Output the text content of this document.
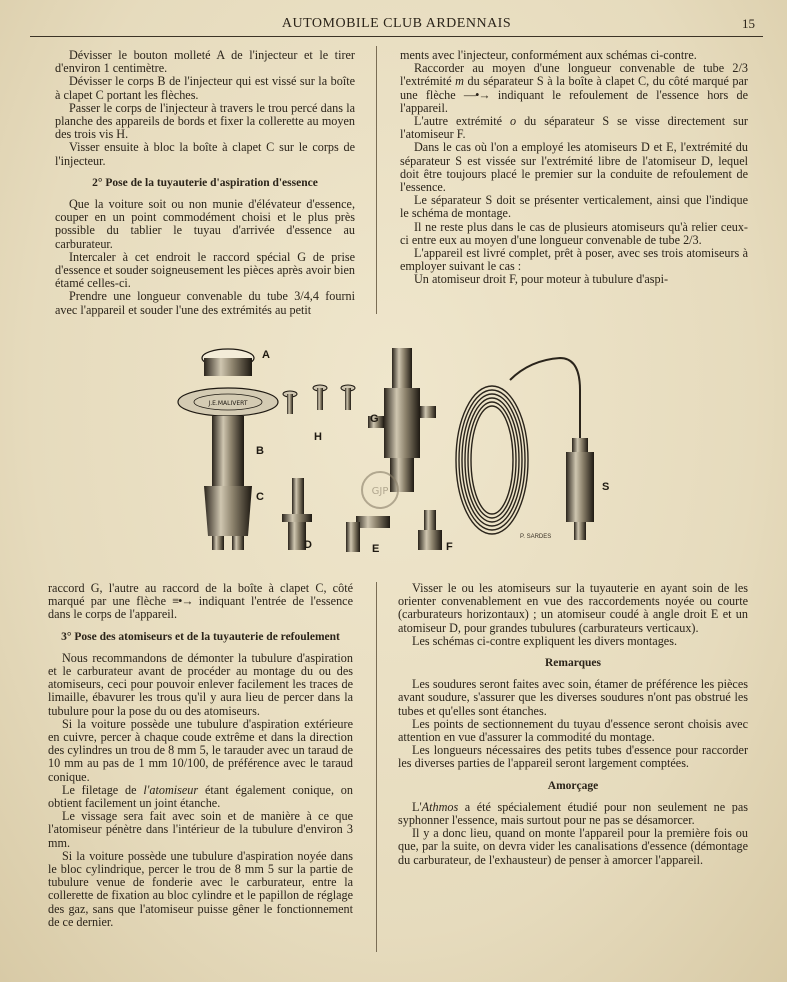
AUTOMOBILE CLUB ARDENNAIS	15

Dévisser le bouton molleté A de l'injecteur et le tirer d'environ 1 centimètre.

Dévisser le corps B de l'injecteur qui est vissé sur la boîte à clapet C portant les flèches.

Passer le corps de l'injecteur à travers le trou percé dans la planche des appareils de bords et fixer la collerette au moyen des trois vis H.

Visser ensuite à bloc la boîte à clapet C sur le corps de l'injecteur.

2° Pose de la tuyauterie d'aspiration d'essence

Que la voiture soit ou non munie d'élévateur d'essence, couper en un point commodément choisi et le plus près possible du tablier le tuyau d'arrivée d'essence au carburateur.

Intercaler à cet endroit le raccord spécial G de prise d'essence et souder soigneusement les pièces après avoir bien étamé celles-ci.

Prendre une longueur convenable du tube 3/4,4 fourni avec l'appareil et souder l'une des extrémités au petit

ments avec l'injecteur, conformément aux schémas ci-contre.

Raccorder au moyen d'une longueur convenable de tube 2/3 l'extrémité m du séparateur S à la boîte à clapet C, du côté marqué par une flèche —•→ indiquant le refoulement de l'essence hors de l'appareil.

L'autre extrémité o du séparateur S se visse directement sur l'atomiseur F.

Dans le cas où l'on a employé les atomiseurs D et E, l'extrémité du séparateur S est vissée sur l'extrémité libre de l'atomiseur D, lequel doit être toujours placé le premier sur la conduite de refoulement de l'essence.

Le séparateur S doit se présenter verticalement, ainsi que l'indique le schéma de montage.

Il ne reste plus dans le cas de plusieurs atomiseurs qu'à relier ceux-ci entre eux au moyen d'une longueur convenable de tube 2/3.

L'appareil est livré complet, prêt à poser, avec ses trois atomiseurs à employer suivant le cas :

Un atomiseur droit F, pour moteur à tubulure d'aspi-

J.E.MALIVERT
A
B
C
H
G
D	E	F
GJP	S
P. SARDES

raccord G, l'autre au raccord de la boîte à clapet C, côté marqué par une flèche ≡•→ indiquant l'entrée de l'essence dans le corps de l'appareil.

3° Pose des atomiseurs et de la tuyauterie de refoulement

Nous recommandons de démonter la tubulure d'aspiration et le carburateur avant de procéder au montage du ou des atomiseurs, ceci pour pouvoir enlever facilement les traces de limaille, ébavurer les trous qu'il y aura lieu de percer dans la tubulure pour la pose du ou des atomiseurs.

Si la voiture possède une tubulure d'aspiration extérieure en cuivre, percer à chaque coude extrême et dans la direction des cylindres un trou de 8 mm 5, le tarauder avec un taraud de 10 mm au pas de 1 mm 10/100, de préférence avec le taraud conique.

Le filetage de l'atomiseur étant également conique, on obtient facilement un joint étanche.

Le vissage sera fait avec soin et de manière à ce que l'atomiseur pénètre dans l'intérieur de la tubulure d'environ 3 mm.

Si la voiture possède une tubulure d'aspiration noyée dans le bloc cylindrique, percer le trou de 8 mm 5 sur la partie de tubulure venue de fonderie avec le carburateur, entre la collerette de fixation au bloc cylindre et le papillon de réglage des gaz, sans que l'atomiseur puisse gêner le fonctionnement de ce dernier.

Visser le ou les atomiseurs sur la tuyauterie en ayant soin de les orienter convenablement en vue des raccordements noyée ou courte (carburateurs horizontaux) ; un atomiseur coudé à angle droit E et un atomiseur D, pour grandes tubulures (carburateurs verticaux).

Les schémas ci-contre expliquent les divers montages.

Remarques

Les soudures seront faites avec soin, étamer de préférence les pièces avant soudure, s'assurer que les diverses soudures n'ont pas obstrué les tubes et qu'elles sont étanches.

Les points de sectionnement du tuyau d'essence seront choisis avec attention en vue d'assurer la commodité du montage.

Les longueurs nécessaires des petits tubes d'essence pour raccorder les diverses parties de l'appareil seront largement comptées.

Amorçage

L'Athmos a été spécialement étudié pour non seulement ne pas syphonner l'essence, mais surtout pour ne pas se désamorcer.

Il y a donc lieu, quand on monte l'appareil pour la première fois ou que, par la suite, on devra vider les canalisations d'essence (démontage du carburateur, de l'exhausteur) de penser à amorcer l'appareil.
